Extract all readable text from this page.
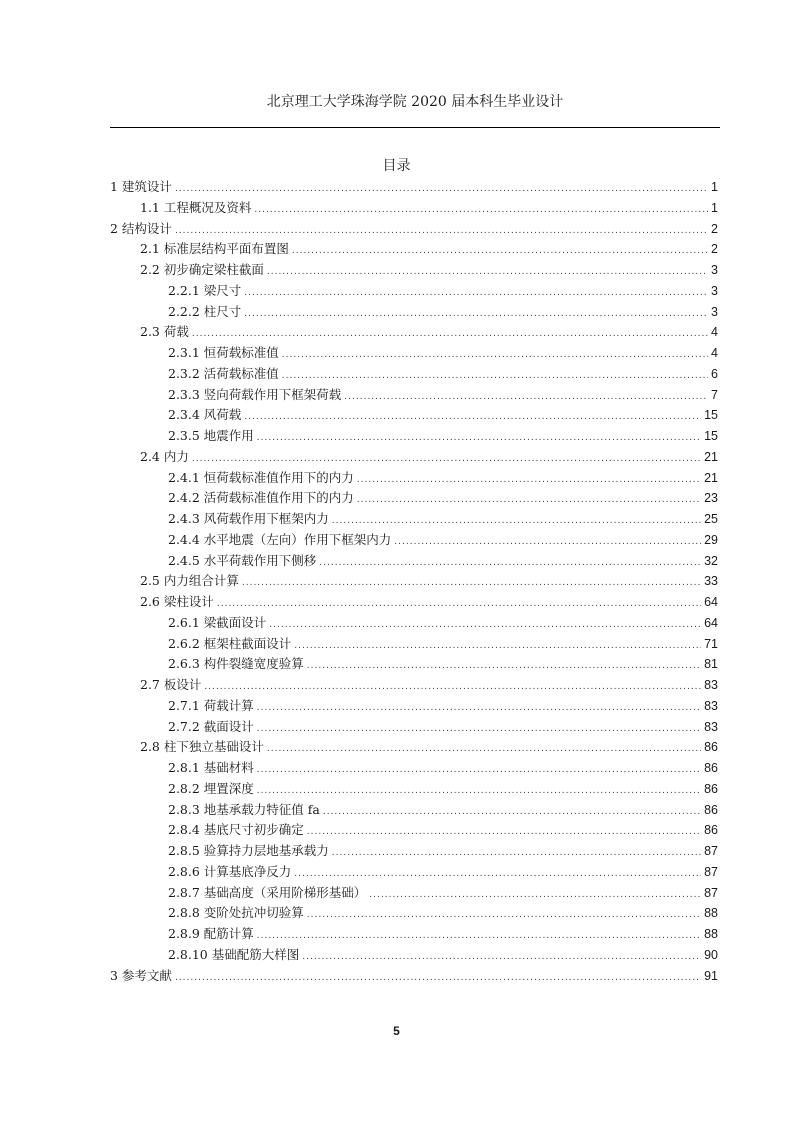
北京理工大学珠海学院 2020 届本科生毕业设计
目录
1 建筑设计 .....	1
1.1 工程概况及资料 .....	1
2 结构设计 .....	2
2.1 标准层结构平面布置图 .....	2
2.2 初步确定梁柱截面 .....	3
2.2.1 梁尺寸 .....	3
2.2.2 柱尺寸 .....	3
2.3 荷载 .....	4
2.3.1 恒荷载标准值 .....	4
2.3.2 活荷载标准值 .....	6
2.3.3 竖向荷载作用下框架荷载 .....	7
2.3.4 风荷载 .....	15
2.3.5 地震作用 .....	15
2.4 内力 .....	21
2.4.1 恒荷载标准值作用下的内力 .....	21
2.4.2 活荷载标准值作用下的内力 .....	23
2.4.3 风荷载作用下框架内力 .....	25
2.4.4 水平地震（左向）作用下框架内力 .....	29
2.4.5 水平荷载作用下侧移 .....	32
2.5 内力组合计算 .....	33
2.6 梁柱设计 .....	64
2.6.1 梁截面设计 .....	64
2.6.2 框架柱截面设计 .....	71
2.6.3 构件裂缝宽度验算 .....	81
2.7 板设计 .....	83
2.7.1 荷载计算 .....	83
2.7.2 截面设计 .....	83
2.8 柱下独立基础设计 .....	86
2.8.1 基础材料 .....	86
2.8.2 埋置深度 .....	86
2.8.3 地基承载力特征值 fa .....	86
2.8.4 基底尺寸初步确定 .....	86
2.8.5 验算持力层地基承载力 .....	87
2.8.6 计算基底净反力 .....	87
2.8.7 基础高度（采用阶梯形基础） .....	87
2.8.8 变阶处抗冲切验算 .....	88
2.8.9 配筋计算 .....	88
2.8.10 基础配筋大样图 .....	90
3 参考文献 .....	91
5
